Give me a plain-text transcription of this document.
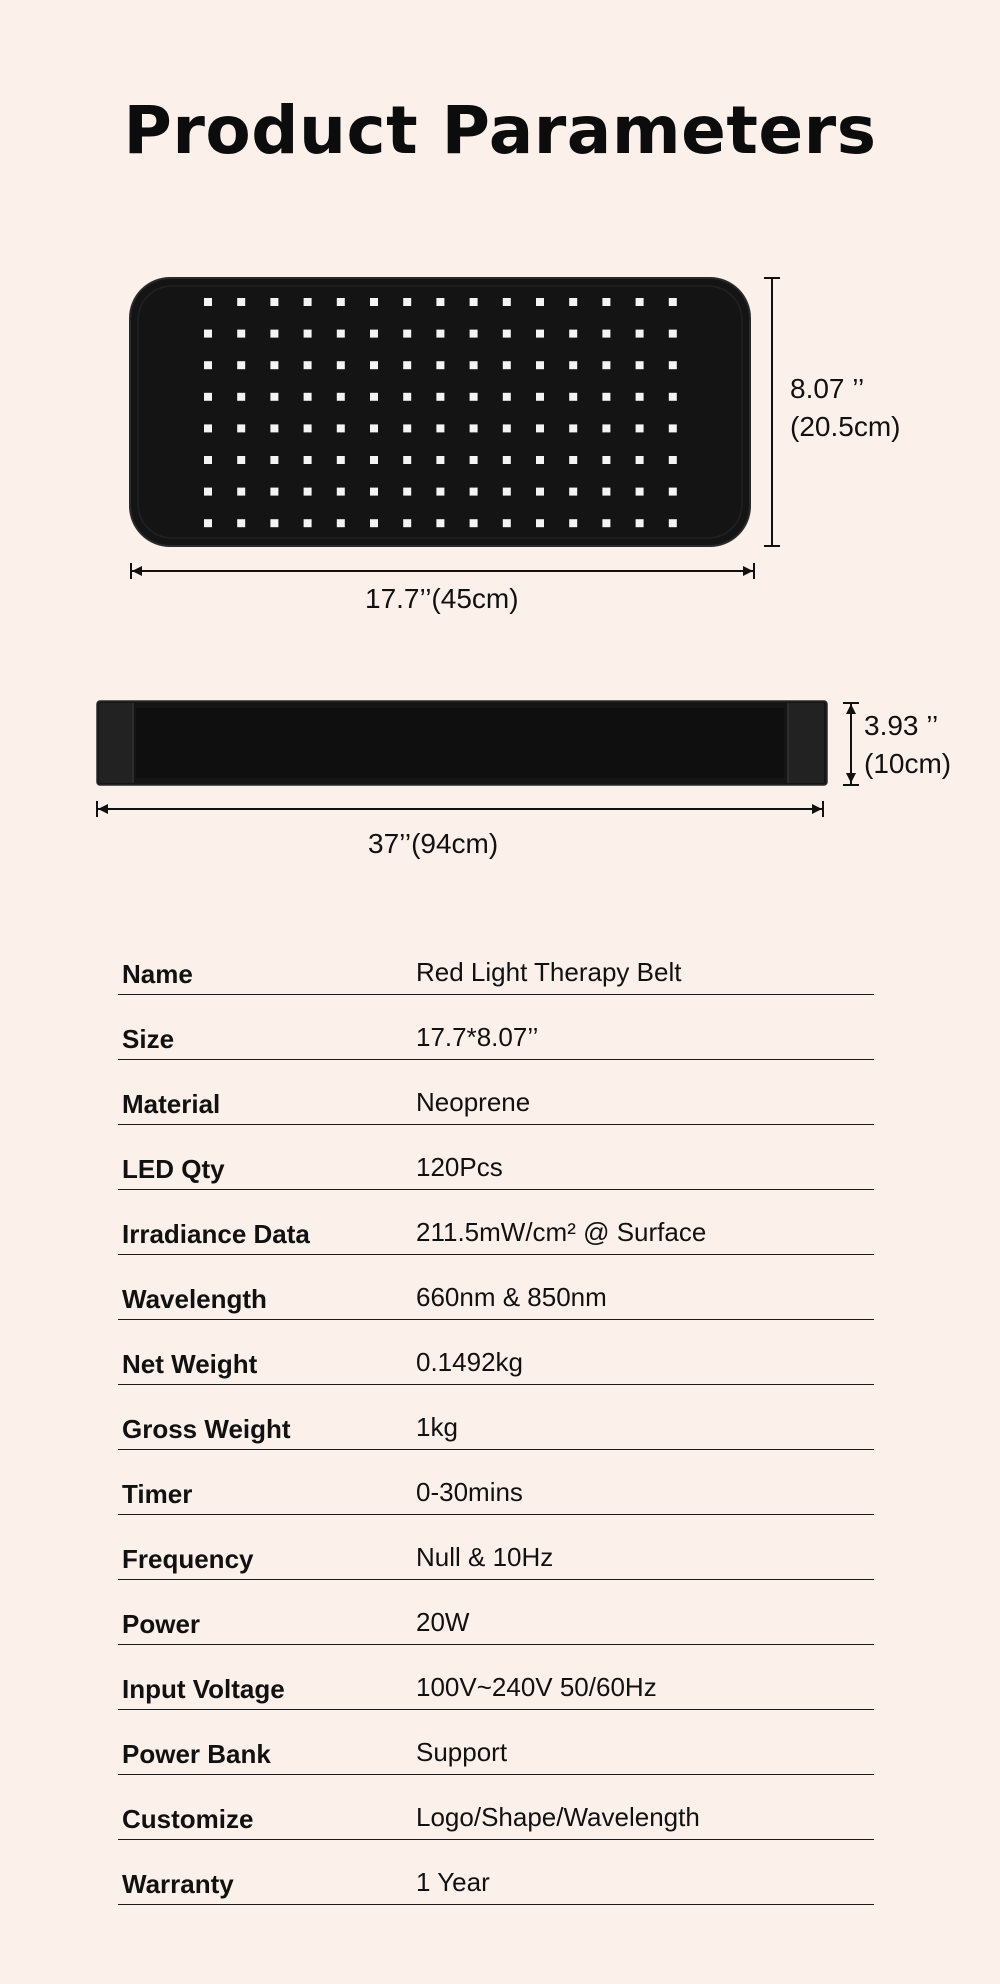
Product Parameters
8.07 ’’
(20.5cm)
17.7’’(45cm)
3.93 ’’
(10cm)
37’’(94cm)
Name	Red Light Therapy Belt
Size	17.7*8.07’’
Material	Neoprene
LED Qty	120Pcs
Irradiance Data	211.5mW/cm² @ Surface
Wavelength	660nm & 850nm
Net Weight	0.1492kg
Gross Weight	1kg
Timer	0-30mins
Frequency	Null & 10Hz
Power	20W
Input Voltage	100V~240V 50/60Hz
Power Bank	Support
Customize	Logo/Shape/Wavelength
Warranty	1 Year
